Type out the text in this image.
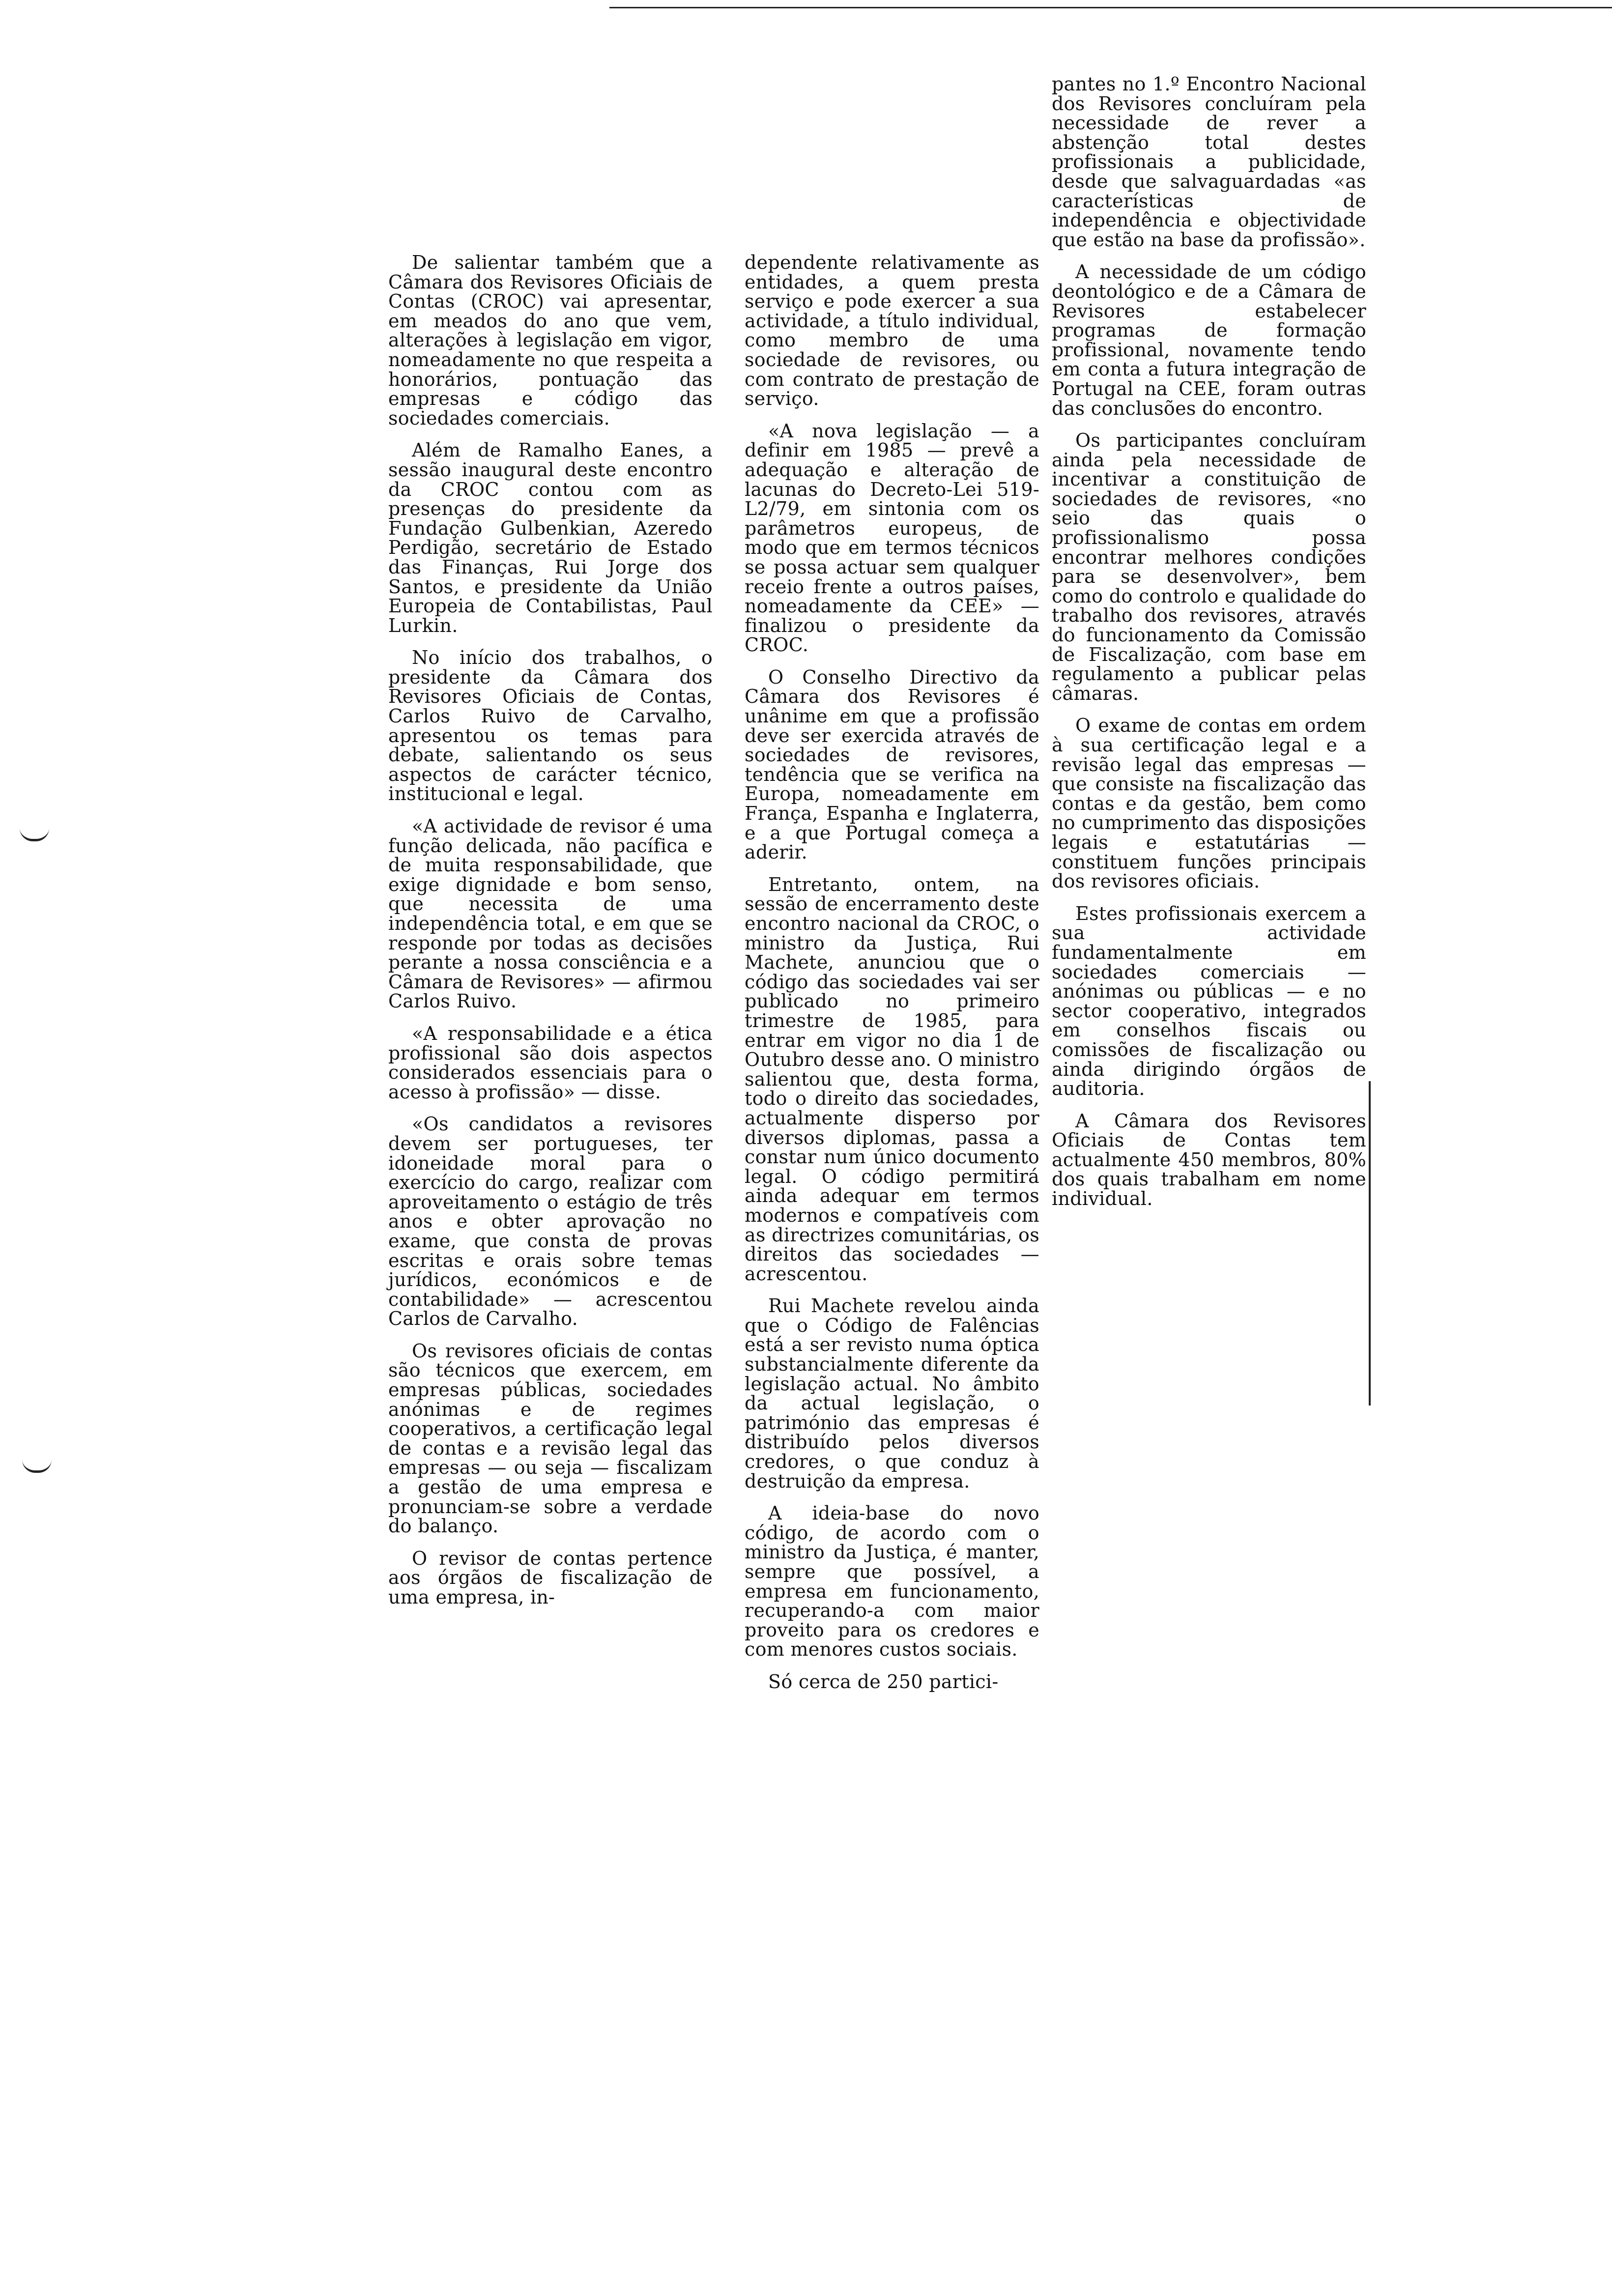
De salientar também que a Câmara dos Revisores Oficiais de Contas (CROC) vai apresentar, em meados do ano que vem, alterações à legislação em vigor, nomeadamente no que respeita a honorários, pontuação das empresas e código das sociedades comerciais.

Além de Ramalho Eanes, a sessão inaugural deste encontro da CROC contou com as presenças do presidente da Fundação Gulbenkian, Azeredo Perdigão, secretário de Estado das Finanças, Rui Jorge dos Santos, e presidente da União Europeia de Contabilistas, Paul Lurkin.

No início dos trabalhos, o presidente da Câmara dos Revisores Oficiais de Contas, Carlos Ruivo de Carvalho, apresentou os temas para debate, salientando os seus aspectos de carácter técnico, institucional e legal.

«A actividade de revisor é uma função delicada, não pacífica e de muita responsabilidade, que exige dignidade e bom senso, que necessita de uma independência total, e em que se responde por todas as decisões perante a nossa consciência e a Câmara de Revisores» — afirmou Carlos Ruivo.

«A responsabilidade e a ética profissional são dois aspectos considerados essenciais para o acesso à profissão» — disse.

«Os candidatos a revisores devem ser portugueses, ter idoneidade moral para o exercício do cargo, realizar com aproveitamento o estágio de três anos e obter aprovação no exame, que consta de provas escritas e orais sobre temas jurídicos, económicos e de contabilidade» — acrescentou Carlos de Carvalho.

Os revisores oficiais de contas são técnicos que exercem, em empresas públicas, sociedades anónimas e de regimes cooperativos, a certificação legal de contas e a revisão legal das empresas — ou seja — fiscalizam a gestão de uma empresa e pronunciam-se sobre a verdade do balanço.

O revisor de contas pertence aos órgãos de fiscalização de uma empresa, in-

dependente relativamente as entidades, a quem presta serviço e pode exercer a sua actividade, a título individual, como membro de uma sociedade de revisores, ou com contrato de prestação de serviço.

«A nova legislação — a definir em 1985 — prevê a adequação e alteração de lacunas do Decreto-Lei 519-L2/79, em sintonia com os parâmetros europeus, de modo que em termos técnicos se possa actuar sem qualquer receio frente a outros países, nomeadamente da CEE» — finalizou o presidente da CROC.

O Conselho Directivo da Câmara dos Revisores é unânime em que a profissão deve ser exercida através de sociedades de revisores, tendência que se verifica na Europa, nomeadamente em França, Espanha e Inglaterra, e a que Portugal começa a aderir.

Entretanto, ontem, na sessão de encerramento deste encontro nacional da CROC, o ministro da Justiça, Rui Machete, anunciou que o código das sociedades vai ser publicado no primeiro trimestre de 1985, para entrar em vigor no dia 1 de Outubro desse ano. O ministro salientou que, desta forma, todo o direito das sociedades, actualmente disperso por diversos diplomas, passa a constar num único documento legal. O código permitirá ainda adequar em termos modernos e compatíveis com as directrizes comunitárias, os direitos das sociedades — acrescentou.

Rui Machete revelou ainda que o Código de Falências está a ser revisto numa óptica substancialmente diferente da legislação actual. No âmbito da actual legislação, o património das empresas é distribuído pelos diversos credores, o que conduz à destruição da empresa.

A ideia-base do novo código, de acordo com o ministro da Justiça, é manter, sempre que possível, a empresa em funcionamento, recuperando-a com maior proveito para os credores e com menores custos sociais.

Só cerca de 250 partici-

pantes no 1.º Encontro Nacional dos Revisores concluíram pela necessidade de rever a abstenção total destes profissionais a publicidade, desde que salvaguardadas «as características de independência e objectividade que estão na base da profissão».

A necessidade de um código deontológico e de a Câmara de Revisores estabelecer programas de formação profissional, novamente tendo em conta a futura integração de Portugal na CEE, foram outras das conclusões do encontro.

Os participantes concluíram ainda pela necessidade de incentivar a constituição de sociedades de revisores, «no seio das quais o profissionalismo possa encontrar melhores condições para se desenvolver», bem como do controlo e qualidade do trabalho dos revisores, através do funcionamento da Comissão de Fiscalização, com base em regulamento a publicar pelas câmaras.

O exame de contas em ordem à sua certificação legal e a revisão legal das empresas — que consiste na fiscalização das contas e da gestão, bem como no cumprimento das disposições legais e estatutárias — constituem funções principais dos revisores oficiais.

Estes profissionais exercem a sua actividade fundamentalmente em sociedades comerciais — anónimas ou públicas — e no sector cooperativo, integrados em conselhos fiscais ou comissões de fiscalização ou ainda dirigindo órgãos de auditoria.

A Câmara dos Revisores Oficiais de Contas tem actualmente 450 membros, 80% dos quais trabalham em nome individual.
